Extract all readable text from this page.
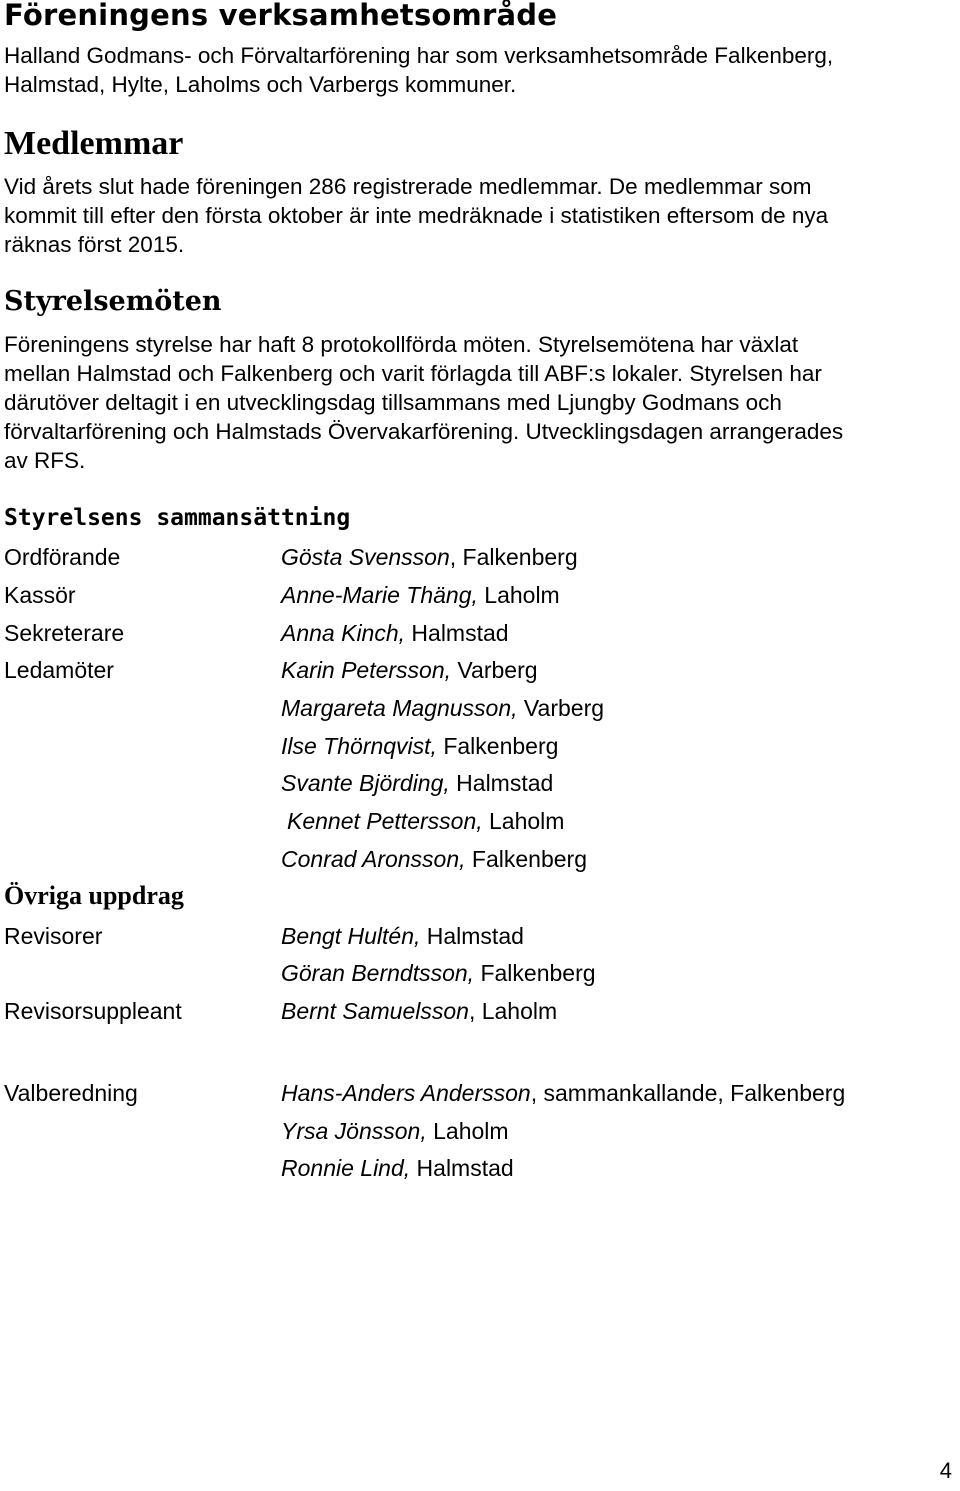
Föreningens verksamhetsområde
Halland Godmans- och Förvaltarförening har som verksamhetsområde Falkenberg,
Halmstad, Hylte, Laholms och Varbergs kommuner.
Medlemmar
Vid årets slut hade föreningen 286 registrerade medlemmar. De medlemmar som
kommit till efter den första oktober är inte medräknade i statistiken eftersom de nya
räknas först 2015.
Styrelsemöten
Föreningens styrelse har haft 8 protokollförda möten. Styrelsemötena har växlat
mellan Halmstad och Falkenberg och varit förlagda till ABF:s lokaler. Styrelsen har
därutöver deltagit i en utvecklingsdag tillsammans med Ljungby Godmans och
förvaltarförening och Halmstads Övervakarförening. Utvecklingsdagen arrangerades
av RFS.
Styrelsens sammansättning
Ordförande	Gösta Svensson, Falkenberg
Kassör	Anne-Marie Thäng, Laholm
Sekreterare	Anna Kinch, Halmstad
Ledamöter	Karin Petersson, Varberg
Margareta Magnusson, Varberg
Ilse Thörnqvist, Falkenberg
Svante Björding, Halmstad
Kennet Pettersson, Laholm
Conrad Aronsson, Falkenberg
Övriga uppdrag
Revisorer	Bengt Hultén, Halmstad
Göran Berndtsson, Falkenberg
Revisorsuppleant	Bernt Samuelsson, Laholm
Valberedning	Hans-Anders Andersson, sammankallande, Falkenberg
Yrsa Jönsson, Laholm
Ronnie Lind, Halmstad
4
